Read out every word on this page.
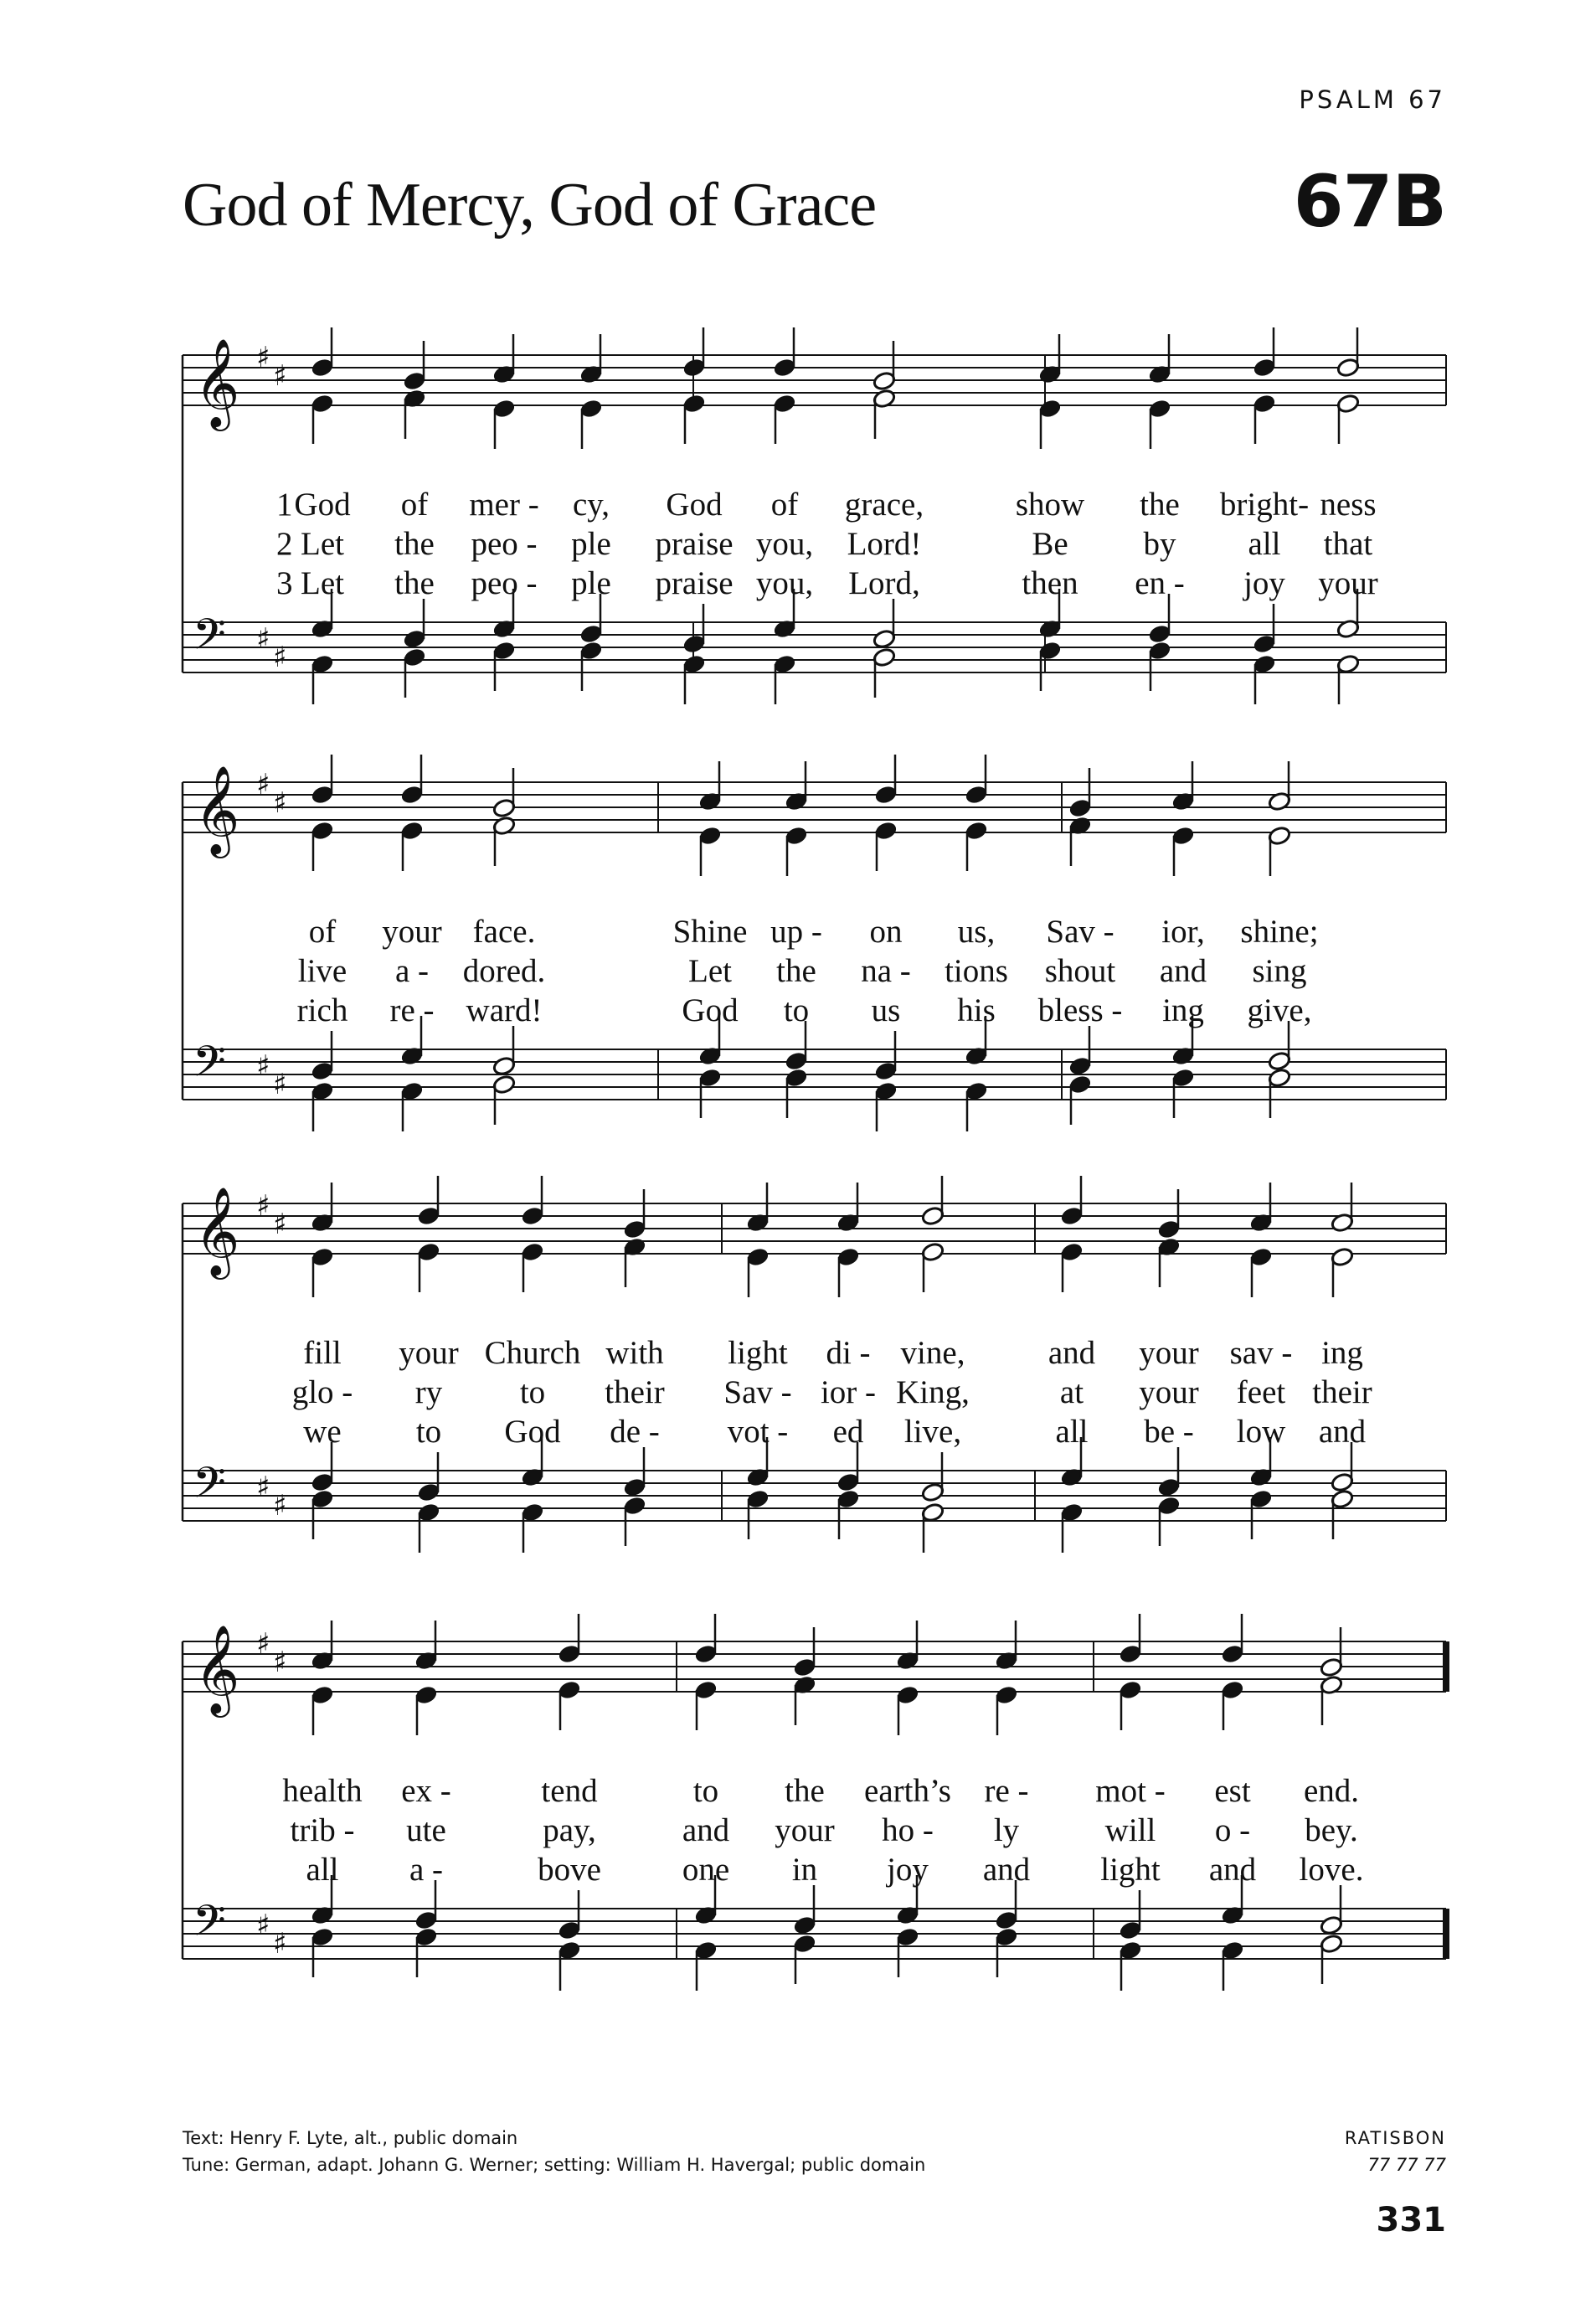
PSALM 67
God of Mercy, God of Grace	67B
𝄞
𝄢
♯
♯
♯
♯
𝄞
𝄢
♯
♯
♯
♯
𝄞
𝄢
♯
♯
♯
♯
𝄞
𝄢
♯
♯
♯
♯
1 God of mer - cy, God of grace,	show the bright- ness
2 Let the peo - ple praise you, Lord!	Be by all that
3 Let the peo - ple praise you, Lord,	then en - joy your
of your face.	Shine up - on us, Sav - ior, shine;
live a - dored.	Let the na - tions shout and sing
rich re - ward!	God to us his bless - ing give,
fill your Church with light di - vine,	and your sav - ing
glo - ry to their Sav - ior - King,	at your feet their
we to God de - vot - ed live,	all be - low and
health ex -	tend	to the earth’s re - mot - est end.
trib - ute	pay,	and your ho - ly	will o - bey.
all a -	bove one in joy and light and love.
Text: Henry F. Lyte, alt., public domain
Tune: German, adapt. Johann G. Werner; setting: William H. Havergal; public domain
RATISBON
77 77 77
331
